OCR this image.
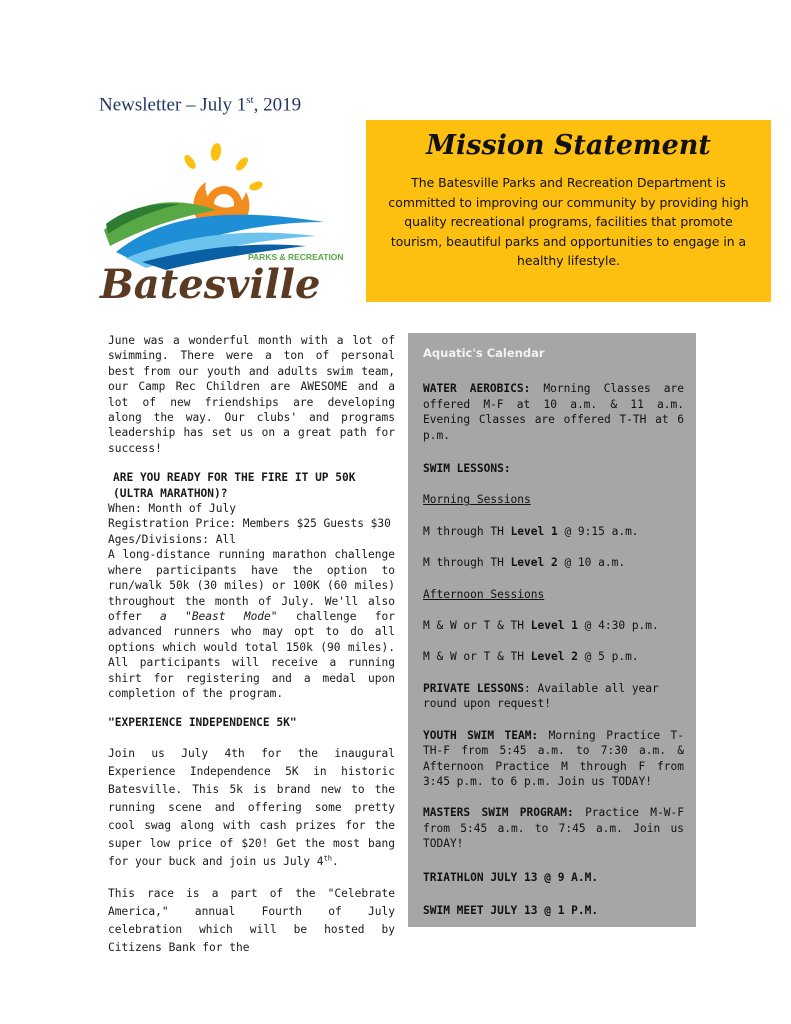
Newsletter – July 1st, 2019
PARKS & RECREATION
Batesville
Mission Statement

The Batesville Parks and Recreation Department is committed to improving our community by providing high quality recreational programs, facilities that promote tourism, beautiful parks and opportunities to engage in a healthy lifestyle.

June was a wonderful month with a lot of swimming. There were a ton of personal best from our youth and adults swim team, our Camp Rec Children are AWESOME and a lot of new friendships are developing along the way. Our clubs' and programs leadership has set us on a great path for success!

ARE YOU READY FOR THE FIRE IT UP 50K (ULTRA MARATHON)?

When: Month of July

Registration Price: Members $25 Guests $30

Ages/Divisions: All

A long-distance running marathon challenge where participants have the option to run/walk 50k (30 miles) or 100K (60 miles) throughout the month of July. We'll also offer a "Beast Mode" challenge for advanced runners who may opt to do all options which would total 150k (90 miles). All participants will receive a running shirt for registering and a medal upon completion of the program.

"EXPERIENCE INDEPENDENCE 5K"

Join us July 4th for the inaugural Experience Independence 5K in historic Batesville. This 5k is brand new to the running scene and offering some pretty cool swag along with cash prizes for the super low price of $20! Get the most bang for your buck and join us July 4th.

This race is a part of the "Celebrate America," annual Fourth of July celebration which will be hosted by Citizens Bank for the

Aquatic's Calendar

WATER AEROBICS: Morning Classes are offered M-F at 10 a.m. & 11 a.m. Evening Classes are offered T-TH at 6 p.m.

SWIM LESSONS:

Morning Sessions

M through TH Level 1 @ 9:15 a.m.

M through TH Level 2 @ 10 a.m.

Afternoon Sessions

M & W or T & TH Level 1 @ 4:30 p.m.

M & W or T & TH Level 2 @ 5 p.m.

PRIVATE LESSONS: Available all year round upon request!

YOUTH SWIM TEAM: Morning Practice T-TH-F from 5:45 a.m. to 7:30 a.m. & Afternoon Practice M through F from 3:45 p.m. to 6 p.m. Join us TODAY!

MASTERS SWIM PROGRAM: Practice M-W-F from 5:45 a.m. to 7:45 a.m. Join us TODAY!

TRIATHLON JULY 13 @ 9 A.M.

SWIM MEET JULY 13 @ 1 P.M.
